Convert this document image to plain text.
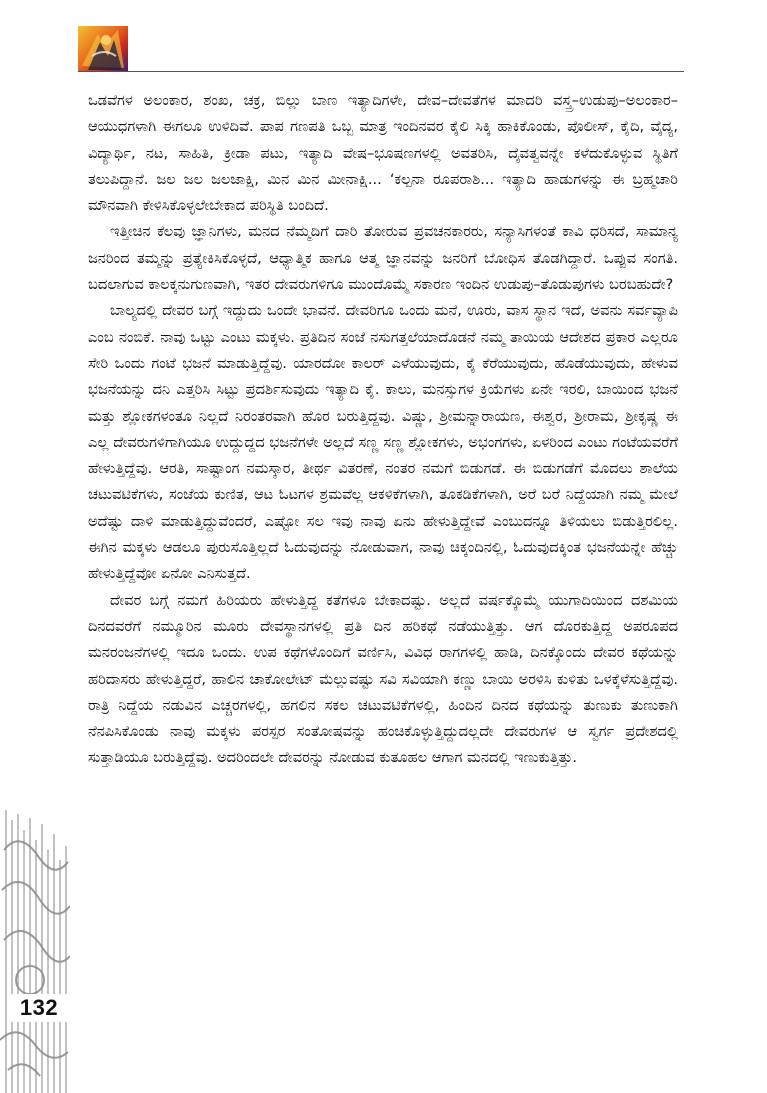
ಒಡವೆಗಳ ಅಲಂಕಾರ, ಶಂಖ, ಚಕ್ರ, ಬಿಲ್ಲು ಬಾಣ ಇತ್ಯಾದಿಗಳೇ, ದೇವ–ದೇವತೆಗಳ ಮಾದರಿ ವಸ್ತ್ರ–ಉಡುಪು–ಅಲಂಕಾರ– ಆಯುಧಗಳಾಗಿ ಈಗಲೂ ಉಳಿದಿವೆ. ಪಾಪ ಗಣಪತಿ ಒಬ್ಬ ಮಾತ್ರ ಇಂದಿನವರ ಕೈಲಿ ಸಿಕ್ಕಿ ಹಾಕಿಕೊಂಡು, ಪೊಲೀಸ್, ಕೈದಿ, ವೈದ್ಯ, ವಿದ್ಯಾರ್ಥಿ, ನಟ, ಸಾಹಿತಿ, ಕ್ರೀಡಾ ಪಟು, ಇತ್ಯಾದಿ ವೇಷ–ಭೂಷಣಗಳಲ್ಲಿ ಅವತರಿಸಿ, ದೈವತ್ವವನ್ನೇ ಕಳೆದುಕೊಳ್ಳುವ ಸ್ಥಿತಿಗೆ ತಲುಪಿದ್ದಾನೆ. ಜಲ ಜಲ ಜಲಜಾಕ್ಷಿ, ಮಿನ ಮಿನ ಮೀನಾಕ್ಷಿ... ‘ಕಲ್ಪನಾ ರೂಪರಾಶಿ... ಇತ್ಯಾದಿ ಹಾಡುಗಳನ್ನು ಈ ಬ್ರಹ್ಮಚಾರಿ ಮೌನವಾಗಿ ಕೇಳಿಸಿಕೊಳ್ಳಲೇಬೇಕಾದ ಪರಿಸ್ಥಿತಿ ಬಂದಿದೆ.

ಇತ್ತೀಚಿನ ಕೆಲವು ಜ್ಞಾನಿಗಳು, ಮನದ ನೆಮ್ಮದಿಗೆ ದಾರಿ ತೋರುವ ಪ್ರವಚನಕಾರರು, ಸನ್ಯಾಸಿಗಳಂತೆ ಕಾವಿ ಧರಿಸದೆ, ಸಾಮಾನ್ಯ ಜನರಿಂದ ತಮ್ಮನ್ನು ಪ್ರತ್ಯೇಕಿಸಿಕೊಳ್ಳದೆ, ಆಧ್ಯಾತ್ಮಿಕ ಹಾಗೂ ಆತ್ಮ ಜ್ಞಾನವನ್ನು ಜನರಿಗೆ ಬೋಧಿಸ ತೊಡಗಿದ್ದಾರೆ. ಒಪ್ಪುವ ಸಂಗತಿ. ಬದಲಾಗುವ ಕಾಲಕ್ಕನುಗುಣವಾಗಿ, ಇತರ ದೇವರುಗಳಿಗೂ ಮುಂದೊಮ್ಮೆ ಸಕಾರಣ ಇಂದಿನ ಉಡುಪು–ತೊಡುಪುಗಳು ಬರಬಹುದೇ?

ಬಾಲ್ಯದಲ್ಲಿ ದೇವರ ಬಗ್ಗೆ ಇದ್ದುದು ಒಂದೇ ಭಾವನೆ. ದೇವರಿಗೂ ಒಂದು ಮನೆ, ಊರು, ವಾಸ ಸ್ಥಾನ ಇದೆ, ಅವನು ಸರ್ವವ್ಯಾಪಿ ಎಂಬ ನಂಬಿಕೆ. ನಾವು ಒಟ್ಟು ಎಂಟು ಮಕ್ಕಳು. ಪ್ರತಿದಿನ ಸಂಜೆ ನಸುಗತ್ತಲೆಯಾದೊಡನೆ ನಮ್ಮ ತಾಯಿಯ ಆದೇಶದ ಪ್ರಕಾರ ಎಲ್ಲರೂ ಸೇರಿ ಒಂದು ಗಂಟೆ ಭಜನೆ ಮಾಡುತ್ತಿದ್ದೆವು. ಯಾರದೋ ಕಾಲರ್ ಎಳೆಯುವುದು, ಕೈ ಕೆರೆಯುವುದು, ಹೊಡೆಯುವುದು, ಹೇಳುವ ಭಜನೆಯನ್ನು ದನಿ ಎತ್ತರಿಸಿ ಸಿಟ್ಟು ಪ್ರದರ್ಶಿಸುವುದು ಇತ್ಯಾದಿ ಕೈ. ಕಾಲು, ಮನಸ್ಸುಗಳ ಕ್ರಿಯೆಗಳು ಏನೇ ಇರಲಿ, ಬಾಯಿಂದ ಭಜನೆ ಮತ್ತು ಶ್ಲೋಕಗಳಂತೂ ನಿಲ್ಲದೆ ನಿರಂತರವಾಗಿ ಹೊರ ಬರುತ್ತಿದ್ದವು. ವಿಷ್ಣು, ಶ್ರೀಮನ್ನಾರಾಯಣ, ಈಶ್ವರ, ಶ್ರೀರಾಮ, ಶ್ರೀಕೃಷ್ಣ ಈ ಎಲ್ಲ ದೇವರುಗಳಿಗಾಗಿಯೂ ಉದ್ದುದ್ದದ ಭಜನೆಗಳೇ ಅಲ್ಲದೆ ಸಣ್ಣ ಸಣ್ಣ ಶ್ಲೋಕಗಳು, ಅಭಂಗಗಳು, ಏಳರಿಂದ ಎಂಟು ಗಂಟೆಯವರೆಗೆ ಹೇಳುತ್ತಿದ್ದೆವು. ಆರತಿ, ಸಾಷ್ಟಾಂಗ ನಮಸ್ಕಾರ, ತೀರ್ಥ ವಿತರಣೆ, ನಂತರ ನಮಗೆ ಬಿಡುಗಡೆ. ಈ ಬಿಡುಗಡೆಗೆ ಮೊದಲು ಶಾಲೆಯ ಚಟುವಟಿಕೆಗಳು, ಸಂಜೆಯ ಕುಣಿತ, ಆಟ ಓಟಗಳ ಶ್ರಮವೆಲ್ಲ ಆಕಳಿಕೆಗಳಾಗಿ, ತೂಕಡಿಕೆಗಳಾಗಿ, ಅರೆ ಬರೆ ನಿದ್ದೆಯಾಗಿ ನಮ್ಮ ಮೇಲೆ ಅದೆಷ್ಟು ದಾಳಿ ಮಾಡುತ್ತಿದ್ದುವೆಂದರೆ, ಎಷ್ಟೋ ಸಲ ಇವು ನಾವು ಏನು ಹೇಳುತ್ತಿದ್ದೇವೆ ಎಂಬುದನ್ನೂ ತಿಳಿಯಲು ಬಿಡುತ್ತಿರಲಿಲ್ಲ. ಈಗಿನ ಮಕ್ಕಳು ಆಡಲೂ ಪುರುಸೊತ್ತಿಲ್ಲದೆ ಓದುವುದನ್ನು ನೋಡುವಾಗ, ನಾವು ಚಿಕ್ಕಂದಿನಲ್ಲಿ, ಓದುವುದಕ್ಕಿಂತ ಭಜನೆಯನ್ನೇ ಹೆಚ್ಚು ಹೇಳುತ್ತಿದ್ದೆವೋ ಏನೋ ಎನಿಸುತ್ತದೆ.

ದೇವರ ಬಗ್ಗೆ ನಮಗೆ ಹಿರಿಯರು ಹೇಳುತ್ತಿದ್ದ ಕತೆಗಳೂ ಬೇಕಾದಷ್ಟು. ಅಲ್ಲದೆ ವರ್ಷಕ್ಕೊಮ್ಮೆ ಯುಗಾದಿಯಿಂದ ದಶಮಿಯ ದಿನದವರೆಗೆ ನಮ್ಮೂರಿನ ಮೂರು ದೇವಸ್ಥಾನಗಳಲ್ಲಿ ಪ್ರತಿ ದಿನ ಹರಿಕಥೆ ನಡೆಯುತ್ತಿತ್ತು. ಆಗ ದೊರಕುತ್ತಿದ್ದ ಅಪರೂಪದ ಮನರಂಜನೆಗಳಲ್ಲಿ ಇದೂ ಒಂದು. ಉಪ ಕಥೆಗಳೊಂದಿಗೆ ವರ್ಣಿಸಿ, ವಿವಿಧ ರಾಗಗಳಲ್ಲಿ ಹಾಡಿ, ದಿನಕ್ಕೊಂದು ದೇವರ ಕಥೆಯನ್ನು ಹರಿದಾಸರು ಹೇಳುತ್ತಿದ್ದರೆ, ಹಾಲಿನ ಚಾಕೋಲೇಟ್ ಮೆಲ್ಲುವಷ್ಟು ಸವಿ ಸವಿಯಾಗಿ ಕಣ್ಣು ಬಾಯಿ ಅರಳಿಸಿ ಕುಳಿತು ಒಳಕ್ಕೆಳೆಸುತ್ತಿದ್ದೆವು. ರಾತ್ರಿ ನಿದ್ದೆಯ ನಡುವಿನ ಎಚ್ಚರಗಳಲ್ಲಿ, ಹಗಲಿನ ಸಕಲ ಚಟುವಟಿಕೆಗಳಲ್ಲಿ, ಹಿಂದಿನ ದಿನದ ಕಥೆಯನ್ನು ತುಣುಕು ತುಣುಕಾಗಿ ನೆನಪಿಸಿಕೊಂಡು ನಾವು ಮಕ್ಕಳು ಪರಸ್ಪರ ಸಂತೋಷವನ್ನು ಹಂಚಿಕೊಳ್ಳುತ್ತಿದ್ದುದಲ್ಲದೇ ದೇವರುಗಳ ಆ ಸ್ವರ್ಗ ಪ್ರದೇಶದಲ್ಲಿ ಸುತ್ತಾಡಿಯೂ ಬರುತ್ತಿದ್ದೆವು. ಅದರಿಂದಲೇ ದೇವರನ್ನು ನೋಡುವ ಕುತೂಹಲ ಆಗಾಗ ಮನದಲ್ಲಿ ಇಣುಕುತ್ತಿತ್ತು.

132
